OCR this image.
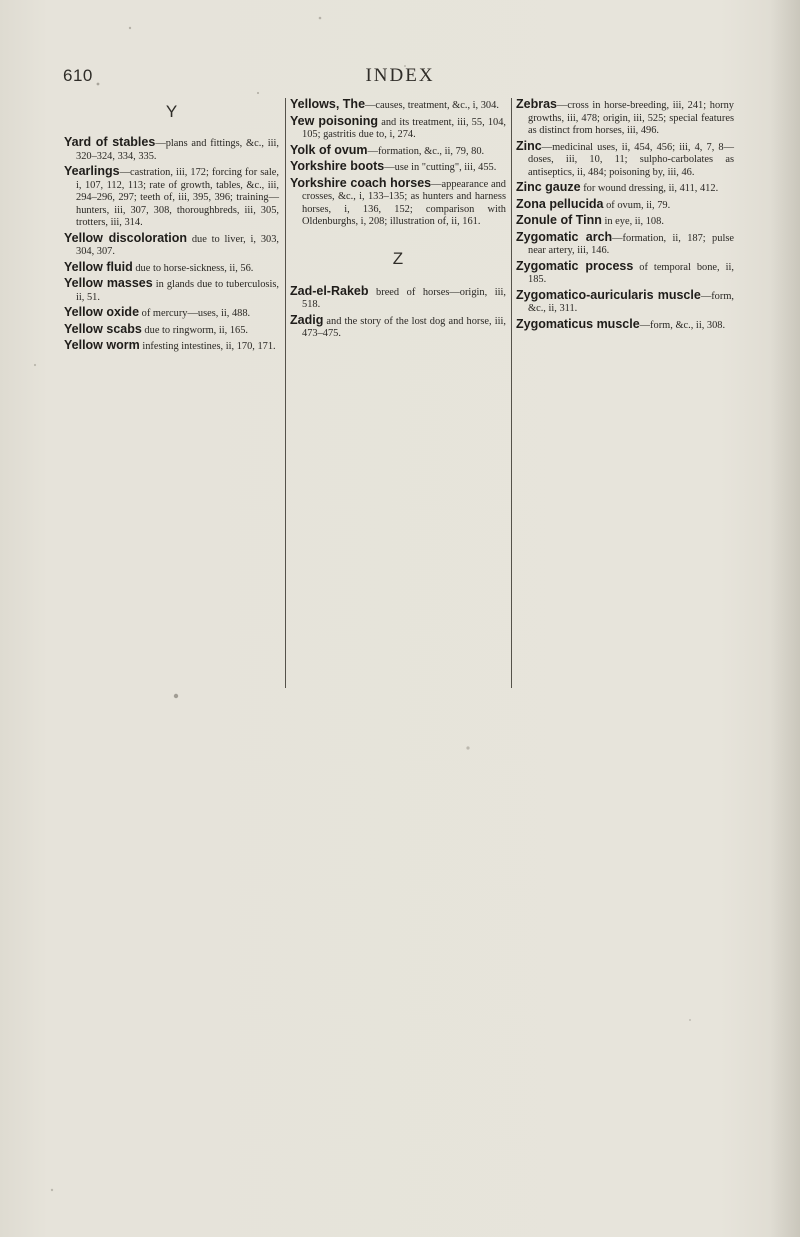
610	INDEX
Y

Yard of stables—plans and fittings, &c., iii, 320–324, 334, 335.

Yearlings—castration, iii, 172; forcing for sale, i, 107, 112, 113; rate of growth, tables, &c., iii, 294–296, 297; teeth of, iii, 395, 396; training—hunters, iii, 307, 308, thoroughbreds, iii, 305, trotters, iii, 314.

Yellow discoloration due to liver, i, 303, 304, 307.

Yellow fluid due to horse-sickness, ii, 56.

Yellow masses in glands due to tuberculosis, ii, 51.

Yellow oxide of mercury—uses, ii, 488.

Yellow scabs due to ringworm, ii, 165.

Yellow worm infesting intestines, ii, 170, 171.

Yellows, The—causes, treatment, &c., i, 304.

Yew poisoning and its treatment, iii, 55, 104, 105; gastritis due to, i, 274.

Yolk of ovum—formation, &c., ii, 79, 80.

Yorkshire boots—use in "cutting", iii, 455.

Yorkshire coach horses—appearance and crosses, &c., i, 133–135; as hunters and harness horses, i, 136, 152; comparison with Oldenburghs, i, 208; illustration of, ii, 161.

Z

Zad-el-Rakeb breed of horses—origin, iii, 518.

Zadig and the story of the lost dog and horse, iii, 473–475.

Zebras—cross in horse-breeding, iii, 241; horny growths, iii, 478; origin, iii, 525; special features as distinct from horses, iii, 496.

Zinc—medicinal uses, ii, 454, 456; iii, 4, 7, 8—doses, iii, 10, 11; sulpho-carbolates as antiseptics, ii, 484; poisoning by, iii, 46.

Zinc gauze for wound dressing, ii, 411, 412.

Zona pellucida of ovum, ii, 79.

Zonule of Tinn in eye, ii, 108.

Zygomatic arch—formation, ii, 187; pulse near artery, iii, 146.

Zygomatic process of temporal bone, ii, 185.

Zygomatico-auricularis muscle—form, &c., ii, 311.

Zygomaticus muscle—form, &c., ii, 308.
